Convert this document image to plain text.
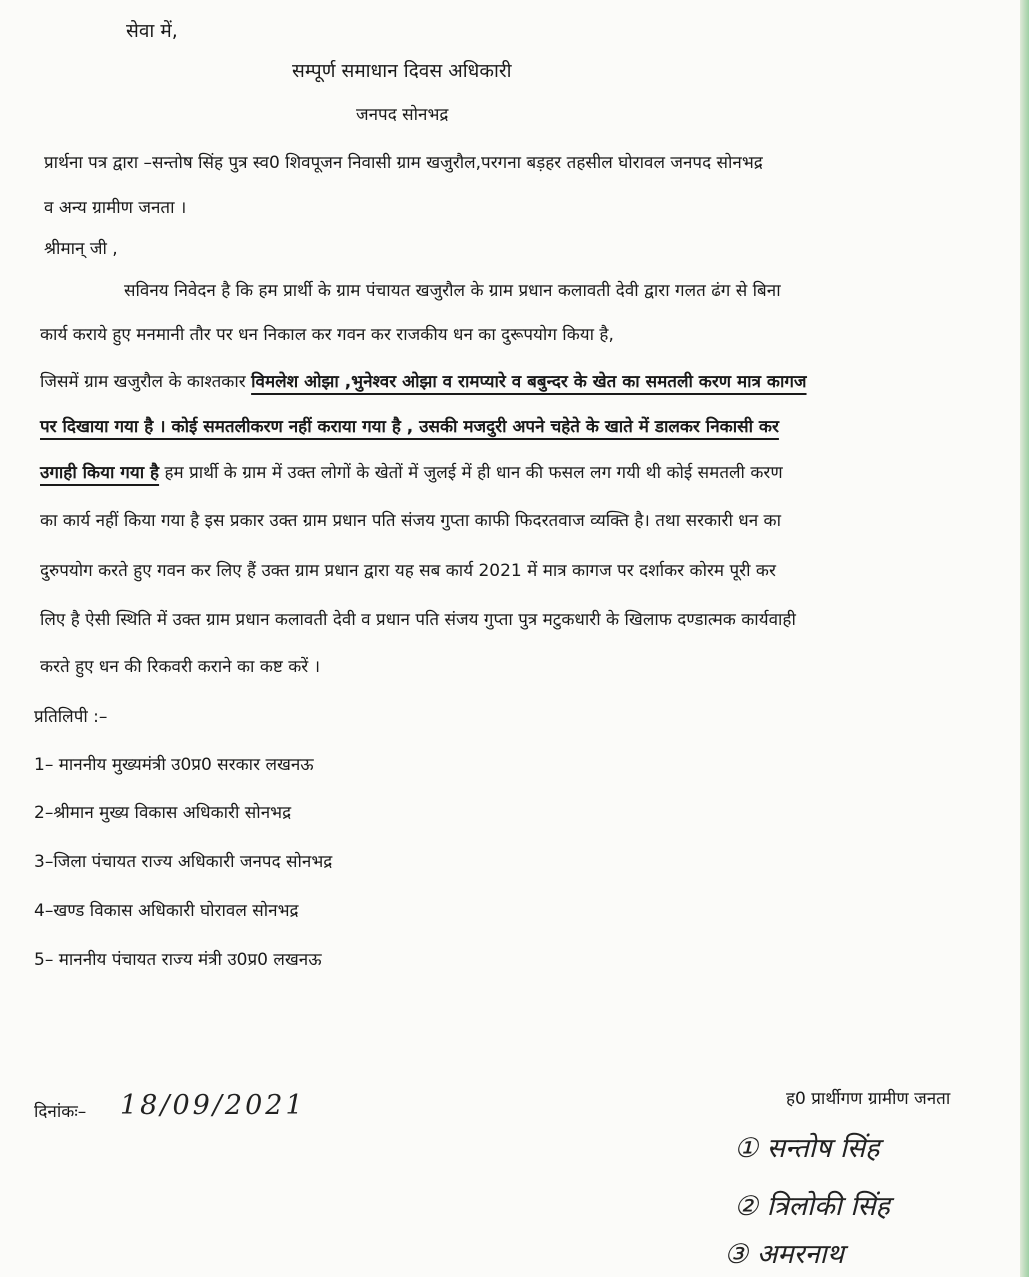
सेवा में,
सम्पूर्ण समाधान दिवस अधिकारी
जनपद सोनभद्र
प्रार्थना पत्र द्वारा –सन्तोष सिंह पुत्र स्व0 शिवपूजन निवासी ग्राम खजुरौल,परगना बड़हर तहसील घोरावल जनपद सोनभद्र
व अन्य ग्रामीण जनता ।
श्रीमान् जी ,
सविनय निवेदन है कि हम प्रार्थी के ग्राम पंचायत खजुरौल के ग्राम प्रधान कलावती देवी द्वारा गलत ढंग से बिना
कार्य कराये हुए मनमानी तौर पर धन निकाल कर गवन कर राजकीय धन का दुरूपयोग किया है,
जिसमें ग्राम खजुरौल के काश्तकार विमलेश ओझा ,भुनेश्वर ओझा व रामप्यारे व बबुन्दर के खेत का समतली करण मात्र कागज
पर दिखाया गया है । कोई समतलीकरण नहीं कराया गया है , उसकी मजदुरी अपने चहेते के खाते में डालकर निकासी कर
उगाही किया गया है हम प्रार्थी के ग्राम में उक्त लोगों के खेतों में जुलई में ही धान की फसल लग गयी थी कोई समतली करण
का कार्य नहीं किया गया है इस प्रकार उक्त ग्राम प्रधान पति संजय गुप्ता काफी फिदरतवाज व्यक्ति है। तथा सरकारी धन का
दुरुपयोग करते हुए गवन कर लिए हैं उक्त ग्राम प्रधान द्वारा यह सब कार्य 2021 में मात्र कागज पर दर्शाकर कोरम पूरी कर
लिए है ऐसी स्थिति में उक्त ग्राम प्रधान कलावती देवी व प्रधान पति संजय गुप्ता पुत्र मटुकधारी के खिलाफ दण्डात्मक कार्यवाही
करते हुए धन की रिकवरी कराने का कष्ट करें ।
प्रतिलिपी :–
1– माननीय मुख्यमंत्री उ0प्र0 सरकार लखनऊ
2–श्रीमान मुख्य विकास अधिकारी सोनभद्र
3–जिला पंचायत राज्य अधिकारी जनपद सोनभद्र
4–खण्ड विकास अधिकारी घोरावल सोनभद्र
5– माननीय पंचायत राज्य मंत्री उ0प्र0 लखनऊ
दिनांकः– 18/09/2021	ह0 प्रार्थीगण ग्रामीण जनता
① सन्तोष सिंह
② त्रिलोकी सिंह
③ अमरनाथ
